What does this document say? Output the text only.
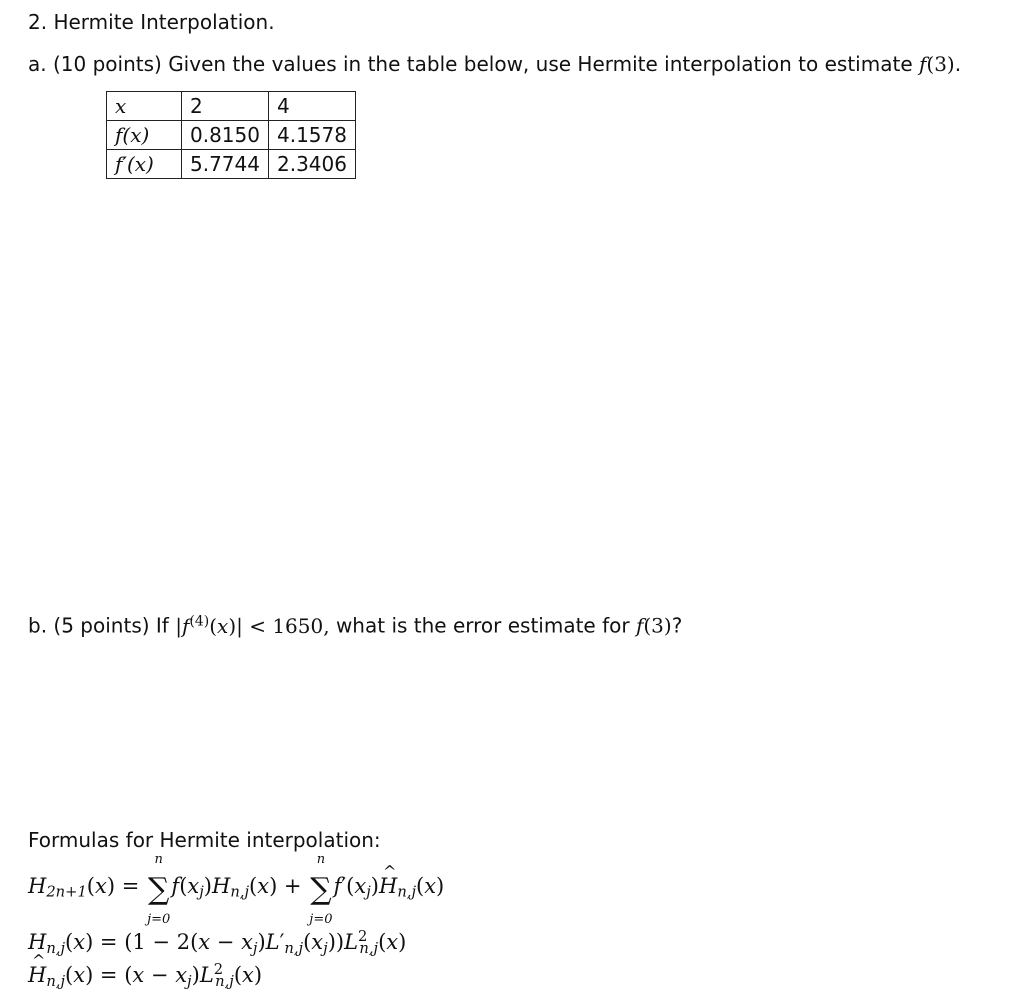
2. Hermite Interpolation.
a. (10 points) Given the values in the table below, use Hermite interpolation to estimate f(3).
x	2	4
f(x)	0.8150	4.1578
f′(x)	5.7744	2.3406
b. (5 points) If $|f^{(4)}(x)| < 1650$, what is the error estimate for f(3)?
Formulas for Hermite interpolation:
$H_{2n+1}(x)$ =
n
∑
j=0
$f(x_j)H_{n,j}(x)$ +
n
∑
j=0
$f'(x_j)\^{}$ $H_{n,j}(x)$
$H_{n,j}(x) = (1 - 2(x - x_j)L'_{n,j}(x_j))L^2_{n,j}(x)$
^ $H_{n,j}(x) = (x - x_j)L^2_{n,j}(x)$
